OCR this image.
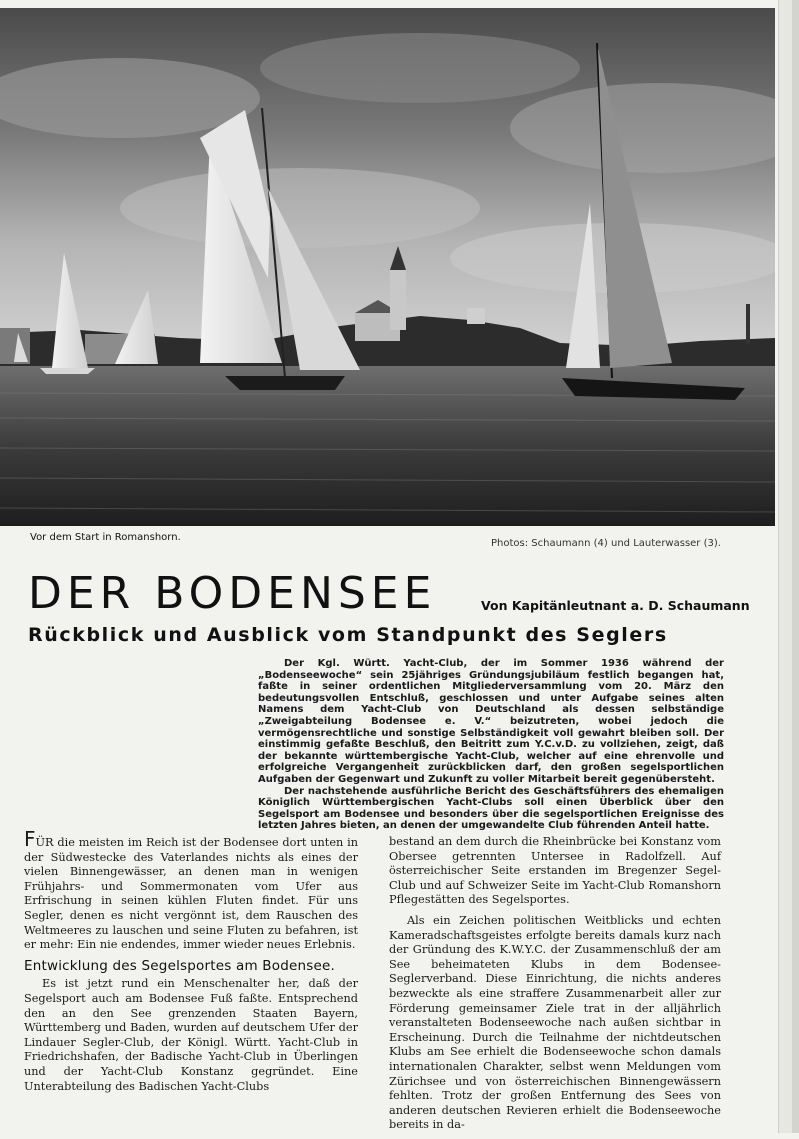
Vor dem Start in Romanshorn.
Photos: Schaumann (4) und Lauterwasser (3).
DER BODENSEE	Von Kapitänleutnant a. D. Schaumann
Rückblick und Ausblick vom Standpunkt des Seglers

Der Kgl. Württ. Yacht-Club, der im Sommer 1936 während der „Bodenseewoche“ sein 25jähriges Gründungsjubiläum festlich begangen hat, faßte in seiner ordentlichen Mitgliederversammlung vom 20. März den bedeutungsvollen Entschluß, geschlossen und unter Aufgabe seines alten Namens dem Yacht-Club von Deutschland als dessen selbständige „Zweigabteilung Bodensee e. V.“ beizutreten, wobei jedoch die vermögensrechtliche und sonstige Selbständigkeit voll gewahrt bleiben soll. Der einstimmig gefaßte Beschluß, den Beitritt zum Y.C.v.D. zu vollziehen, zeigt, daß der bekannte württembergische Yacht-Club, welcher auf eine ehrenvolle und erfolgreiche Vergangenheit zurückblicken darf, den großen segelsportlichen Aufgaben der Gegenwart und Zukunft zu voller Mitarbeit bereit gegenübersteht.

Der nachstehende ausführliche Bericht des Geschäftsführers des ehemaligen Königlich Württembergischen Yacht-Clubs soll einen Überblick über den Segelsport am Bodensee und besonders über die segelsportlichen Ereignisse des letzten Jahres bieten, an denen der umgewandelte Club führenden Anteil hatte.

FÜR die meisten im Reich ist der Bodensee dort unten in der Südwestecke des Vaterlandes nichts als eines der vielen Binnengewässer, an denen man in wenigen Frühjahrs- und Sommermonaten vom Ufer aus Erfrischung in seinen kühlen Fluten findet. Für uns Segler, denen es nicht vergönnt ist, dem Rauschen des Weltmeeres zu lauschen und seine Fluten zu befahren, ist er mehr: Ein nie endendes, immer wieder neues Erlebnis.

Entwicklung des Segelsportes am Bodensee.

Es ist jetzt rund ein Menschenalter her, daß der Segelsport auch am Bodensee Fuß faßte. Entsprechend den an den See grenzenden Staaten Bayern, Württemberg und Baden, wurden auf deutschem Ufer der Lindauer Segler-Club, der Königl. Württ. Yacht-Club in Friedrichshafen, der Badische Yacht-Club in Überlingen und der Yacht-Club Konstanz gegründet. Eine Unterabteilung des Badischen Yacht-Clubs

bestand an dem durch die Rheinbrücke bei Konstanz vom Obersee getrennten Untersee in Radolfzell. Auf österreichischer Seite erstanden im Bregenzer Segel-Club und auf Schweizer Seite im Yacht-Club Romanshorn Pflegestätten des Segelsportes.

Als ein Zeichen politischen Weitblicks und echten Kameradschaftsgeistes erfolgte bereits damals kurz nach der Gründung des K.W.Y.C. der Zusammenschluß der am See beheimateten Klubs in dem Bodensee-Seglerverband. Diese Einrichtung, die nichts anderes bezweckte als eine straffere Zusammenarbeit aller zur Förderung gemeinsamer Ziele trat in der alljährlich veranstalteten Bodenseewoche nach außen sichtbar in Erscheinung. Durch die Teilnahme der nichtdeutschen Klubs am See erhielt die Bodenseewoche schon damals internationalen Charakter, selbst wenn Meldungen vom Zürichsee und von österreichischen Binnengewässern fehlten. Trotz der großen Entfernung des Sees von anderen deutschen Revieren erhielt die Bodenseewoche bereits in da-
